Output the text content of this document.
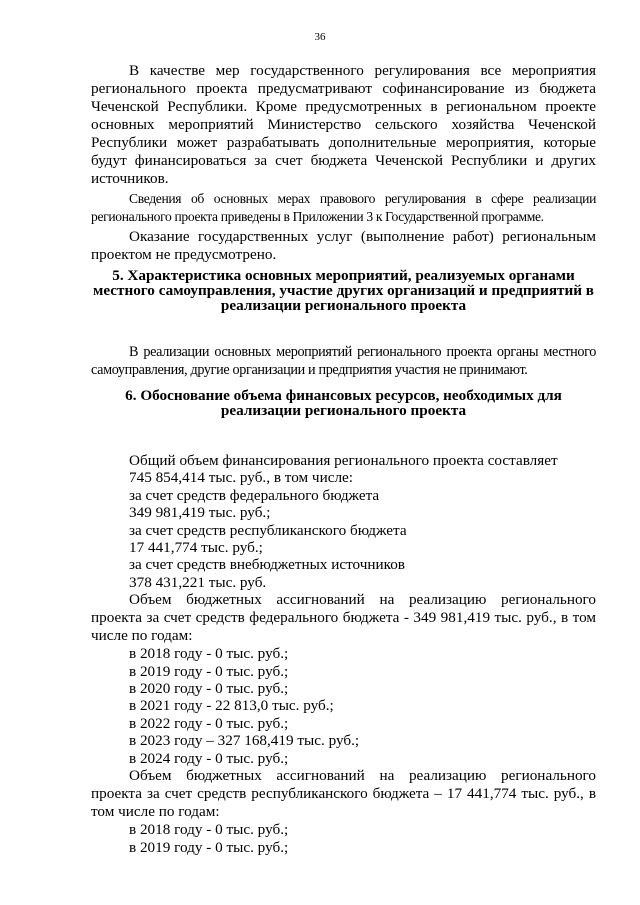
36

В качестве мер государственного регулирования все мероприятия регионального проекта предусматривают софинансирование из бюджета Чеченской Республики. Кроме предусмотренных в региональном проекте основных мероприятий Министерство сельского хозяйства Чеченской Республики может разрабатывать дополнительные мероприятия, которые будут финансироваться за счет бюджета Чеченской Республики и других источников.

Сведения об основных мерах правового регулирования в сфере реализации регионального проекта приведены в Приложении 3 к Государственной программе.

Оказание государственных услуг (выполнение работ) региональным проектом не предусмотрено.

5. Характеристика основных мероприятий, реализуемых органами местного самоуправления, участие других организаций и предприятий в реализации регионального проекта

В реализации основных мероприятий регионального проекта органы местного самоуправления, другие организации и предприятия участия не принимают.

6. Обоснование объема финансовых ресурсов, необходимых для реализации регионального проекта

Общий объем финансирования регионального проекта составляет

745 854,414 тыс. руб., в том числе:

за счет средств федерального бюджета

349 981,419 тыс. руб.;

за счет средств республиканского бюджета

17 441,774 тыс. руб.;

за счет средств внебюджетных источников

378 431,221 тыс. руб.

Объем бюджетных ассигнований на реализацию регионального проекта за счет средств федерального бюджета - 349 981,419 тыс. руб., в том числе по годам:

в 2018 году - 0 тыс. руб.;

в 2019 году - 0 тыс. руб.;

в 2020 году - 0 тыс. руб.;

в 2021 году - 22 813,0 тыс. руб.;

в 2022 году - 0 тыс. руб.;

в 2023 году – 327 168,419 тыс. руб.;

в 2024 году - 0 тыс. руб.;

Объем бюджетных ассигнований на реализацию регионального проекта за счет средств республиканского бюджета – 17 441,774 тыс. руб., в том числе по годам:

в 2018 году - 0 тыс. руб.;

в 2019 году - 0 тыс. руб.;
